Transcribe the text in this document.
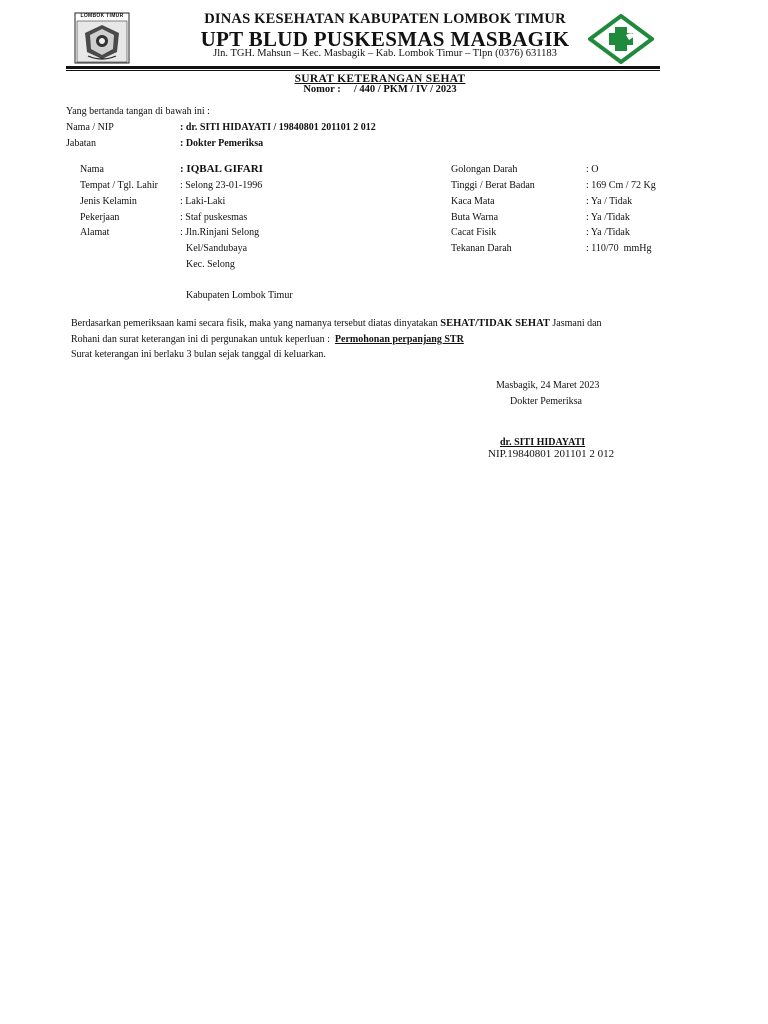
LOMBOK TIMUR	DINAS KESEHATAN KABUPATEN LOMBOK TIMUR
UPT BLUD PUSKESMAS MASBAGIK
Jln. TGH. Mahsun – Kec. Masbagik – Kab. Lombok Timur – Tlpn (0376) 631183
SURAT KETERANGAN SEHAT
Nomor :     / 440 / PKM / IV / 2023
Yang bertanda tangan di bawah ini :
Nama / NIP	: dr. SITI HIDAYATI / 19840801 201101 2 012
Jabatan	: Dokter Pemeriksa
Nama	: IQBAL GIFARI
Tempat / Tgl. Lahir : Selong 23-01-1996
Jenis Kelamin	: Laki-Laki
Pekerjaan	: Staf puskesmas
Alamat	: Jln.Rinjani Selong
Kel/Sandubaya
Kec. Selong
Kabupaten Lombok Timur
Golongan Darah	: O
Tinggi / Berat Badan	: 169 Cm / 72 Kg
Kaca Mata	: Ya / Tidak
Buta Warna	: Ya /Tidak
Cacat Fisik	: Ya /Tidak
Tekanan Darah	: 110/70  mmHg
Berdasarkan pemeriksaan kami secara fisik, maka yang namanya tersebut diatas dinyatakan SEHAT/TIDAK SEHAT Jasmani dan
Rohani dan surat keterangan ini di pergunakan untuk keperluan :  Permohonan perpanjang STR
Surat keterangan ini berlaku 3 bulan sejak tanggal di keluarkan.
Masbagik, 24 Maret 2023
Dokter Pemeriksa
dr. SITI HIDAYATI
NIP.19840801 201101 2 012
